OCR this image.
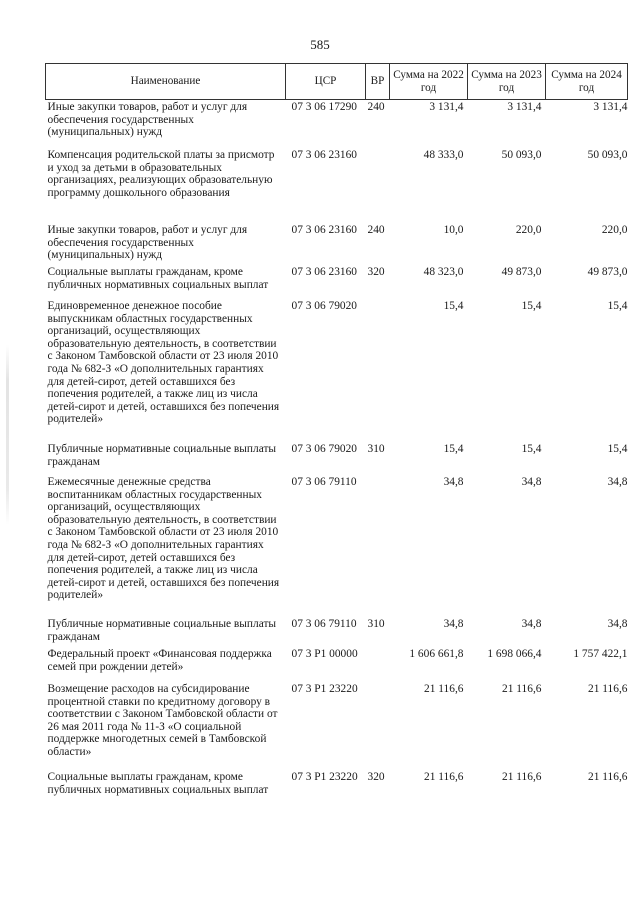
585
Наименование	ЦСР	ВР	Сумма на 2022 год	Сумма на 2023 год	Сумма на 2024 год
Иные закупки товаров, работ и услуг для обеспечения государственных (муниципальных) нужд	07 3 06 17290	240	3 131,4	3 131,4	3 131,4
Компенсация родительской платы за присмотр и уход за детьми в образовательных организациях, реализующих образовательную программу дошкольного образования	07 3 06 23160		48 333,0	50 093,0	50 093,0
Иные закупки товаров, работ и услуг для обеспечения государственных (муниципальных) нужд	07 3 06 23160	240	10,0	220,0	220,0
Социальные выплаты гражданам, кроме публичных нормативных социальных выплат	07 3 06 23160	320	48 323,0	49 873,0	49 873,0
Единовременное денежное пособие выпускникам областных государственных организаций, осуществляющих образовательную деятельность, в соответствии с Законом Тамбовской области от 23 июля 2010 года № 682-З «О дополнительных гарантиях для детей-сирот, детей оставшихся без попечения родителей, а также лиц из числа детей-сирот и детей, оставшихся без попечения родителей»	07 3 06 79020		15,4	15,4	15,4
Публичные нормативные социальные выплаты гражданам	07 3 06 79020	310	15,4	15,4	15,4
Ежемесячные денежные средства воспитанникам областных государственных организаций, осуществляющих образовательную деятельность, в соответствии с Законом Тамбовской области от 23 июля 2010 года № 682-З «О дополнительных гарантиях для детей-сирот, детей оставшихся без попечения родителей, а также лиц из числа детей-сирот и детей, оставшихся без попечения родителей»	07 3 06 79110		34,8	34,8	34,8
Публичные нормативные социальные выплаты гражданам	07 3 06 79110	310	34,8	34,8	34,8
Федеральный проект «Финансовая поддержка семей при рождении детей»	07 3 P1 00000		1 606 661,8	1 698 066,4	1 757 422,1
Возмещение расходов на субсидирование процентной ставки по кредитному договору в соответствии с Законом Тамбовской области от 26 мая 2011 года № 11-З «О социальной поддержке многодетных семей в Тамбовской области»	07 3 P1 23220		21 116,6	21 116,6	21 116,6
Социальные выплаты гражданам, кроме публичных нормативных социальных выплат	07 3 P1 23220	320	21 116,6	21 116,6	21 116,6
